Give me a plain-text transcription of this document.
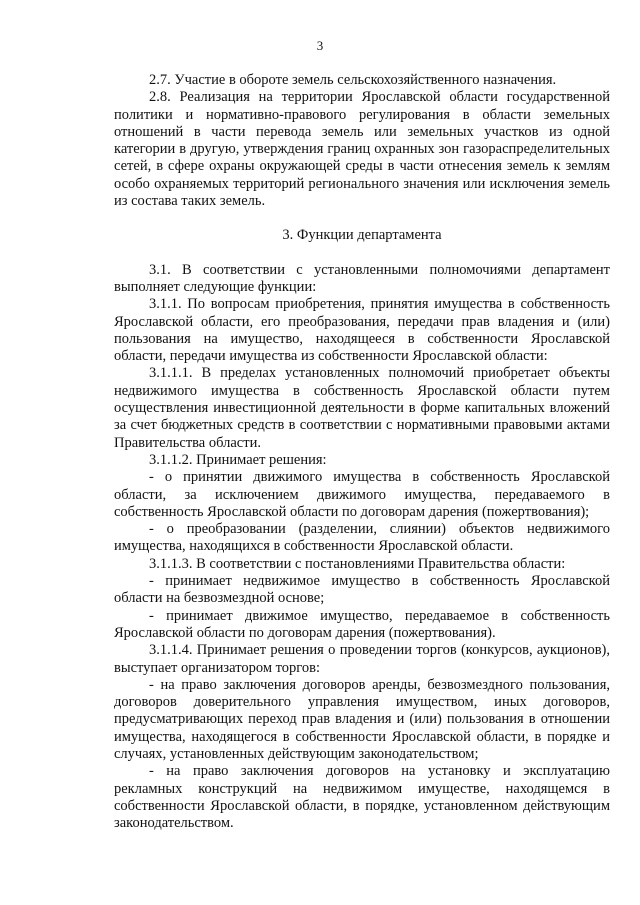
3

2.7. Участие в обороте земель сельскохозяйственного назначения.

2.8. Реализация на территории Ярославской области государственной политики и нормативно-правового регулирования в области земельных отношений в части перевода земель или земельных участков из одной категории в другую, утверждения границ охранных зон газораспределительных сетей, в сфере охраны окружающей среды в части отнесения земель к землям особо охраняемых территорий регионального значения или исключения земель из состава таких земель.

3. Функции департамента

3.1. В соответствии с установленными полномочиями департамент выполняет следующие функции:

3.1.1. По вопросам приобретения, принятия имущества в собственность Ярославской области, его преобразования, передачи прав владения и (или) пользования на имущество, находящееся в собственности Ярославской области, передачи имущества из собственности Ярославской области:

3.1.1.1. В пределах установленных полномочий приобретает объекты недвижимого имущества в собственность Ярославской области путем осуществления инвестиционной деятельности в форме капитальных вложений за счет бюджетных средств в соответствии с нормативными правовыми актами Правительства области.

3.1.1.2. Принимает решения:

- о принятии движимого имущества в собственность Ярославской области, за исключением движимого имущества, передаваемого в собственность Ярославской области по договорам дарения (пожертвования);

- о преобразовании (разделении, слиянии) объектов недвижимого имущества, находящихся в собственности Ярославской области.

3.1.1.3. В соответствии с постановлениями Правительства области:

- принимает недвижимое имущество в собственность Ярославской области на безвозмездной основе;

- принимает движимое имущество, передаваемое в собственность Ярославской области по договорам дарения (пожертвования).

3.1.1.4. Принимает решения о проведении торгов (конкурсов, аукционов), выступает организатором торгов:

- на право заключения договоров аренды, безвозмездного пользования, договоров доверительного управления имуществом, иных договоров, предусматривающих переход прав владения и (или) пользования в отношении имущества, находящегося в собственности Ярославской области, в порядке и случаях, установленных действующим законодательством;

- на право заключения договоров на установку и эксплуатацию рекламных конструкций на недвижимом имуществе, находящемся в собственности Ярославской области, в порядке, установленном действующим законодательством.
